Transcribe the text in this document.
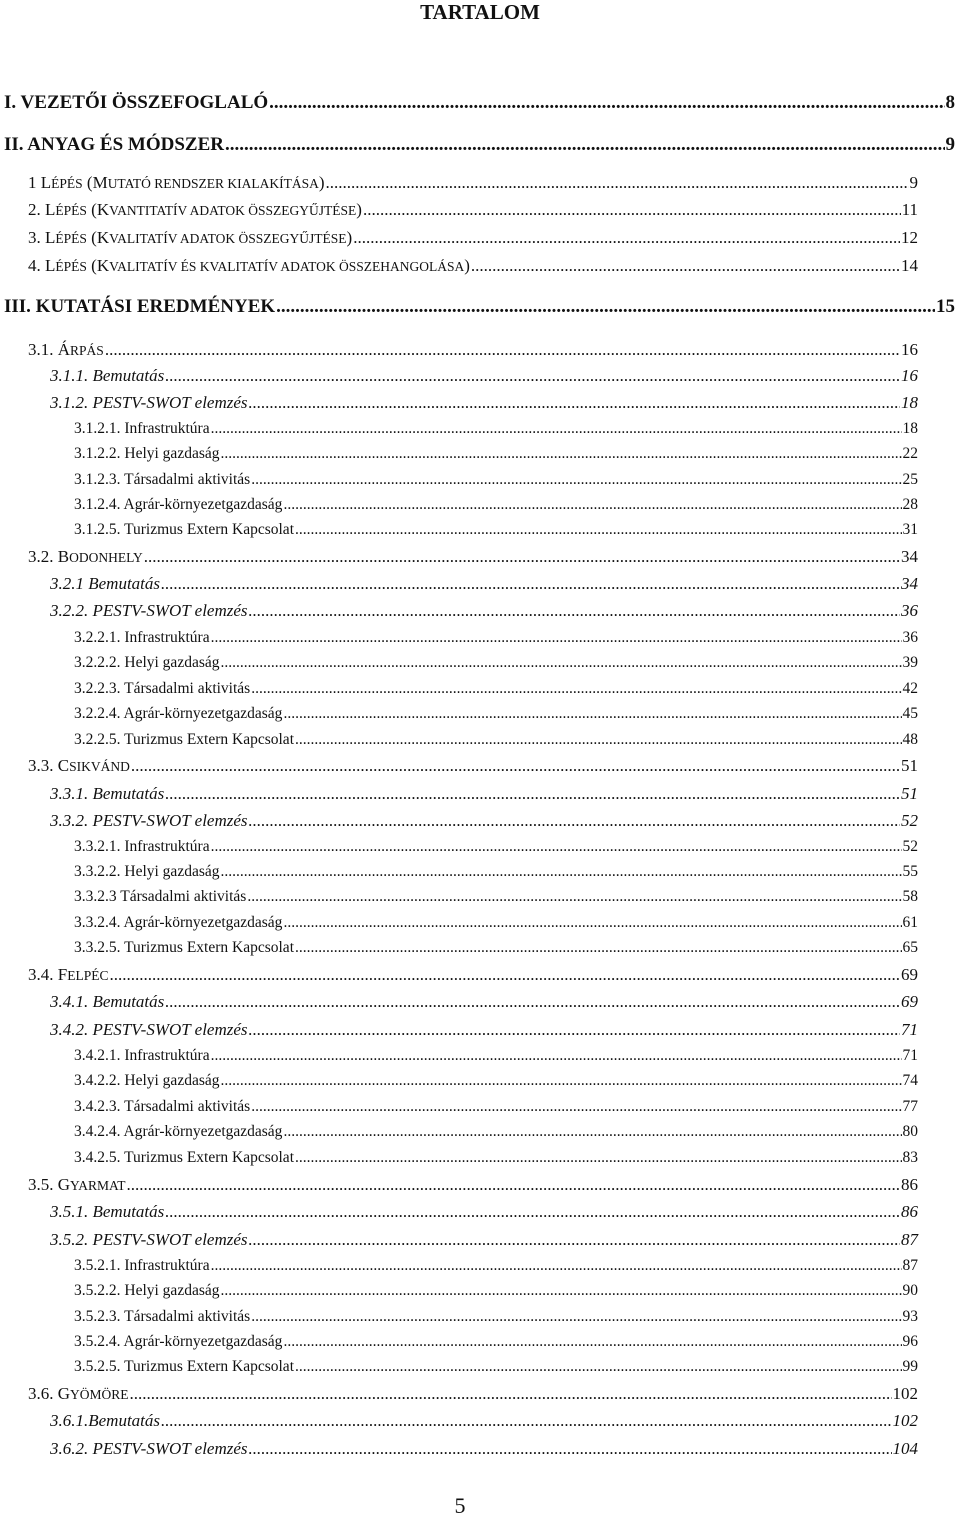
TARTALOM
I. VEZETŐI ÖSSZEFOGLALÓ .....	8
II. ANYAG ÉS MÓDSZER .....	9
1 LÉPÉS (MUTATÓ RENDSZER KIALAKÍTÁSA) .....	9
2. LÉPÉS (KVANTITATÍV ADATOK ÖSSZEGYŰJTÉSE) .....	11
3. LÉPÉS (KVALITATÍV ADATOK ÖSSZEGYŰJTÉSE) .....	12
4. LÉPÉS (KVALITATÍV ÉS KVALITATÍV ADATOK ÖSSZEHANGOLÁSA) .....	14
III. KUTATÁSI EREDMÉNYEK .....	15
3.1. ÁRPÁS .....	16
3.1.1. Bemutatás .....	16
3.1.2. PESTV-SWOT elemzés .....	18
3.1.2.1. Infrastruktúra .....	18
3.1.2.2. Helyi gazdaság .....	22
3.1.2.3. Társadalmi aktivitás .....	25
3.1.2.4. Agrár-környezetgazdaság .....	28
3.1.2.5. Turizmus Extern Kapcsolat .....	31
3.2. BODONHELY .....	34
3.2.1 Bemutatás .....	34
3.2.2. PESTV-SWOT elemzés .....	36
3.2.2.1. Infrastruktúra .....	36
3.2.2.2. Helyi gazdaság .....	39
3.2.2.3. Társadalmi aktivitás .....	42
3.2.2.4. Agrár-környezetgazdaság .....	45
3.2.2.5. Turizmus Extern Kapcsolat .....	48
3.3. CSIKVÁND .....	51
3.3.1. Bemutatás .....	51
3.3.2. PESTV-SWOT elemzés .....	52
3.3.2.1. Infrastruktúra .....	52
3.3.2.2. Helyi gazdaság .....	55
3.3.2.3 Társadalmi aktivitás .....	58
3.3.2.4. Agrár-környezetgazdaság .....	61
3.3.2.5. Turizmus Extern Kapcsolat .....	65
3.4. FELPÉC .....	69
3.4.1. Bemutatás .....	69
3.4.2. PESTV-SWOT elemzés .....	71
3.4.2.1. Infrastruktúra .....	71
3.4.2.2. Helyi gazdaság .....	74
3.4.2.3. Társadalmi aktivitás .....	77
3.4.2.4. Agrár-környezetgazdaság .....	80
3.4.2.5. Turizmus Extern Kapcsolat .....	83
3.5. GYARMAT .....	86
3.5.1. Bemutatás .....	86
3.5.2. PESTV-SWOT elemzés .....	87
3.5.2.1. Infrastruktúra .....	87
3.5.2.2. Helyi gazdaság .....	90
3.5.2.3. Társadalmi aktivitás .....	93
3.5.2.4. Agrár-környezetgazdaság .....	96
3.5.2.5. Turizmus Extern Kapcsolat .....	99
3.6. GYÖMÖRE .....	102
3.6.1.Bemutatás .....	102
3.6.2. PESTV-SWOT elemzés .....	104
5
